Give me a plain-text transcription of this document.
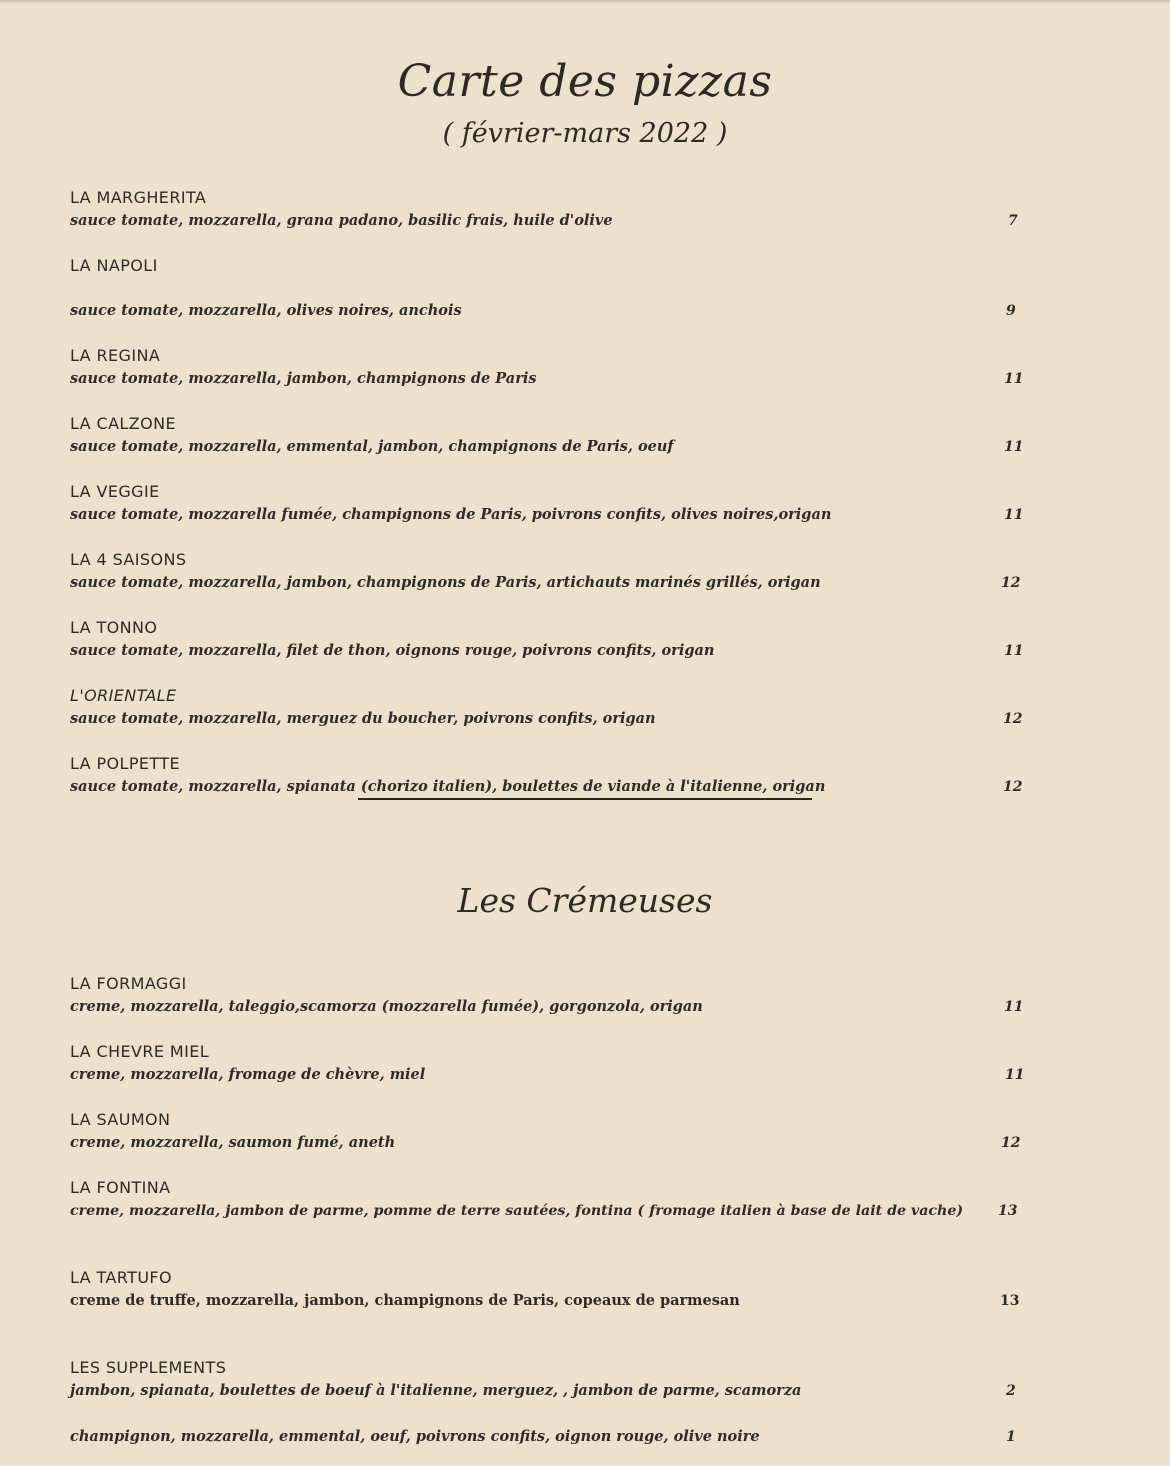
Carte des pizzas
( février-mars 2022 )
LA MARGHERITA
sauce tomate, mozzarella, grana padano, basilic frais, huile d'olive	7
LA NAPOLI
sauce tomate, mozzarella, olives noires, anchois	9
LA REGINA
sauce tomate, mozzarella, jambon, champignons de Paris	11
LA CALZONE
sauce tomate, mozzarella, emmental, jambon, champignons de Paris, oeuf	11
LA VEGGIE
sauce tomate, mozzarella fumée, champignons de Paris, poivrons confits, olives noires,origan	11
LA 4 SAISONS
sauce tomate, mozzarella, jambon, champignons de Paris, artichauts marinés grillés, origan	12
LA TONNO
sauce tomate, mozzarella, filet de thon, oignons rouge, poivrons confits, origan	11
L'ORIENTALE
sauce tomate, mozzarella, merguez du boucher, poivrons confits, origan	12
LA POLPETTE
sauce tomate, mozzarella, spianata (chorizo italien), boulettes de viande à l'italienne, origan	12
Les Crémeuses
LA FORMAGGI
creme, mozzarella, taleggio,scamorza (mozzarella fumée), gorgonzola, origan	11
LA CHEVRE MIEL
creme, mozzarella, fromage de chèvre, miel	11
LA SAUMON
creme, mozzarella, saumon fumé, aneth	12
LA FONTINA
creme, mozzarella, jambon de parme, pomme de terre sautées, fontina ( fromage italien à base de lait de vache) 13
LA TARTUFO
creme de truffe, mozzarella, jambon, champignons de Paris, copeaux de parmesan	13
LES SUPPLEMENTS
jambon, spianata, boulettes de boeuf à l'italienne, merguez, , jambon de parme, scamorza	2
champignon, mozzarella, emmental, oeuf, poivrons confits, oignon rouge, olive noire	1
